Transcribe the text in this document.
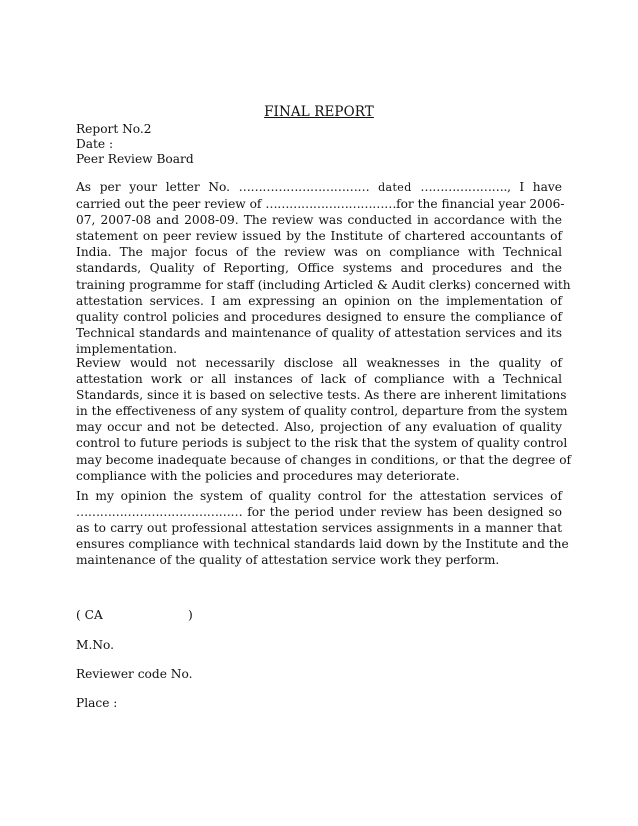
FINAL REPORT
Report No.2
Date :
Peer Review Board
As per your letter No. …………………………… dated …………………., I have
carried out the peer review of ……………………………for the financial year 2006-
07, 2007-08 and 2008-09. The review was conducted in accordance with the
statement on peer review issued by the Institute of chartered accountants of
India. The major focus of the review was on compliance with Technical
standards, Quality of Reporting, Office systems and procedures and the
training programme for staff (including Articled & Audit clerks) concerned with
attestation services. I am expressing an opinion on the implementation of
quality control policies and procedures designed to ensure the compliance of
Technical standards and maintenance of quality of attestation services and its
implementation.
Review would not necessarily disclose all weaknesses in the quality of
attestation work or all instances of lack of compliance with a Technical
Standards, since it is based on selective tests. As there are inherent limitations
in the effectiveness of any system of quality control, departure from the system
may occur and not be detected. Also, projection of any evaluation of quality
control to future periods is subject to the risk that the system of quality control
may become inadequate because of changes in conditions, or that the degree of
compliance with the policies and procedures may deteriorate.
In my opinion the system of quality control for the attestation services of
…………………………………… for the period under review has been designed so
as to carry out professional attestation services assignments in a manner that
ensures compliance with technical standards laid down by the Institute and the
maintenance of the quality of attestation service work they perform.
( CA	)
M.No.
Reviewer code No.
Place :
